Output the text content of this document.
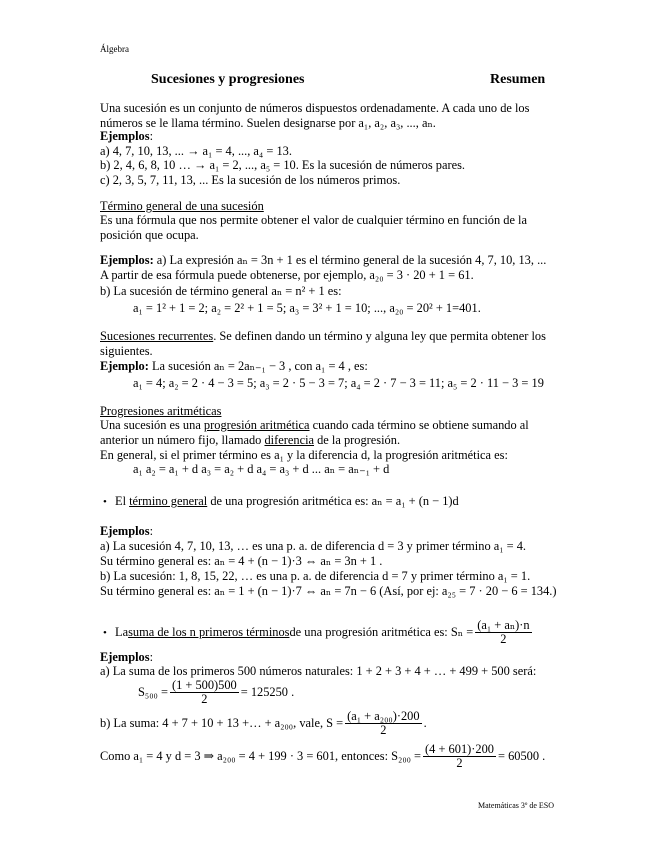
Álgebra
Sucesiones y progresiones	Resumen
Una sucesión es un conjunto de números dispuestos ordenadamente. A cada uno de los
números se le llama término. Suelen designarse por a₁, a₂, a₃, ..., aₙ.
Ejemplos:
a) 4, 7, 10, 13, ... → a₁ = 4, ..., a₄ = 13.
b) 2, 4, 6, 8, 10 … → a₁ = 2, ..., a₅ = 10. Es la sucesión de números pares.
c) 2, 3, 5, 7, 11, 13, ... Es la sucesión de los números primos.
Término general de una sucesión
Es una fórmula que nos permite obtener el valor de cualquier término en función de la
posición que ocupa.
Ejemplos: a) La expresión aₙ = 3n + 1 es el término general de la sucesión 4, 7, 10, 13, ...
A partir de esa fórmula puede obtenerse, por ejemplo, a₂₀ = 3 · 20 + 1 = 61.
b) La sucesión de término general aₙ = n² + 1 es:
a₁ = 1² + 1 = 2; a₂ = 2² + 1 = 5; a₃ = 3² + 1 = 10; ..., a₂₀ = 20² + 1=401.
Sucesiones recurrentes. Se definen dando un término y alguna ley que permita obtener los
siguientes.
Ejemplo: La sucesión aₙ = 2aₙ₋₁ − 3 , con a₁ = 4 , es:
a₁ = 4; a₂ = 2 · 4 − 3 = 5; a₃ = 2 · 5 − 3 = 7; a₄ = 2 · 7 − 3 = 11; a₅ = 2 · 11 − 3 = 19
Progresiones aritméticas
Una sucesión es una progresión aritmética cuando cada término se obtiene sumando al
anterior un número fijo, llamado diferencia de la progresión.
En general, si el primer término es a₁ y la diferencia d, la progresión aritmética es:
a₁ a₂ = a₁ + d a₃ = a₂ + d a₄ = a₃ + d ... aₙ = aₙ₋₁ + d
• El término general de una progresión aritmética es: aₙ = a₁ + (n − 1)d
Ejemplos:
a) La sucesión 4, 7, 10, 13, … es una p. a. de diferencia d = 3 y primer término a₁ = 4.
Su término general es: aₙ = 4 + (n − 1)·3 ⇔ aₙ = 3n + 1 .
b) La sucesión: 1, 8, 15, 22, … es una p. a. de diferencia d = 7 y primer término a₁ = 1.
Su término general es: aₙ = 1 + (n − 1)·7 ⇔ aₙ = 7n − 6 (Así, por ej: a₂₅ = 7 · 20 − 6 = 134.)
• La suma de los n primeros términos de una progresión aritmética es: $S_n = \frac{\text{(a₁ + aₙ)·n}}{2}$
Ejemplos:
a) La suma de los primeros 500 números naturales: 1 + 2 + 3 + 4 + … + 499 + 500 será:
$S_{500} = \frac{(1 + 500)500}{2} = 125250$ .
b) La suma: 4 + 7 + 10 + 13 +… + a₂₀₀, vale, $S = \frac{\text{(a₁ + a₂₀₀)·200}}{2}$ .
Como a₁ = 4 y d = 3 ⇒ a₂₀₀ = 4 + 199 · 3 = 601, entonces: $S_{200} = \frac{(4 + 601)\cdot 200}{2} = 60500$ .
Matemáticas 3º de ESO
